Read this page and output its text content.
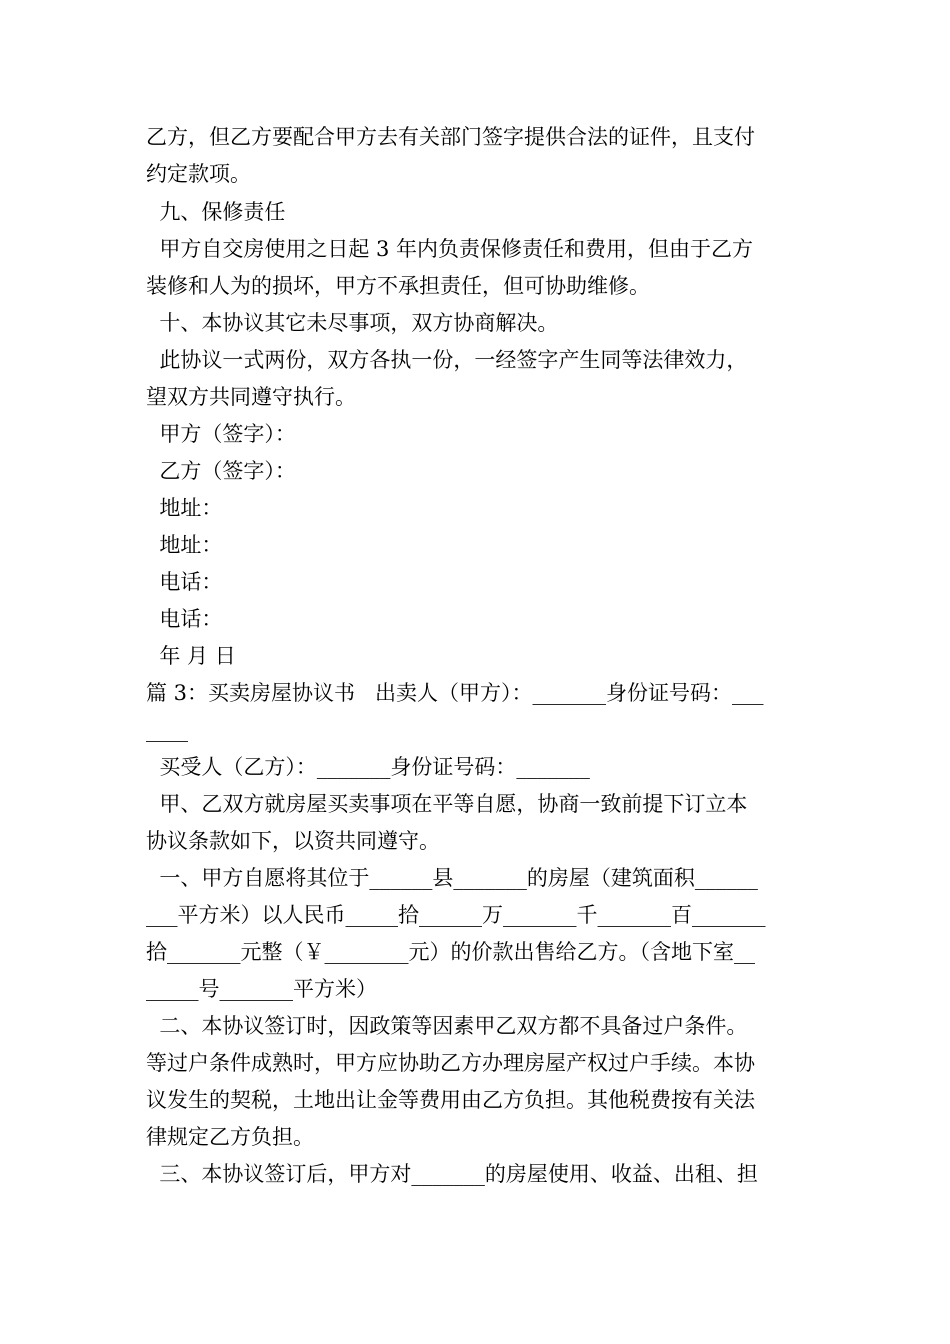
乙方，但乙方要配合甲方去有关部门签字提供合法的证件，且支付
约定款项。
九、保修责任
甲方自交房使用之日起 3 年内负责保修责任和费用，但由于乙方
装修和人为的损坏，甲方不承担责任，但可协助维修。
十、本协议其它未尽事项，双方协商解决。
此协议一式两份，双方各执一份，一经签字产生同等法律效力，
望双方共同遵守执行。
甲方（签字）：
乙方（签字）：
地址：
地址：
电话：
电话：
年 月 日
篇 3：买卖房屋协议书   出卖人（甲方）：_______身份证号码：___
____
买受人（乙方）：_______身份证号码：_______
甲、乙双方就房屋买卖事项在平等自愿，协商一致前提下订立本
协议条款如下，以资共同遵守。
一、甲方自愿将其位于______县_______的房屋（建筑面积______
___平方米）以人民币_____拾______万_______千_______百_______
拾_______元整（￥________元）的价款出售给乙方。（含地下室__
_____号_______平方米）
二、本协议签订时，因政策等因素甲乙双方都不具备过户条件。
等过户条件成熟时，甲方应协助乙方办理房屋产权过户手续。本协
议发生的契税，土地出让金等费用由乙方负担。其他税费按有关法
律规定乙方负担。
三、本协议签订后，甲方对_______的房屋使用、收益、出租、担
